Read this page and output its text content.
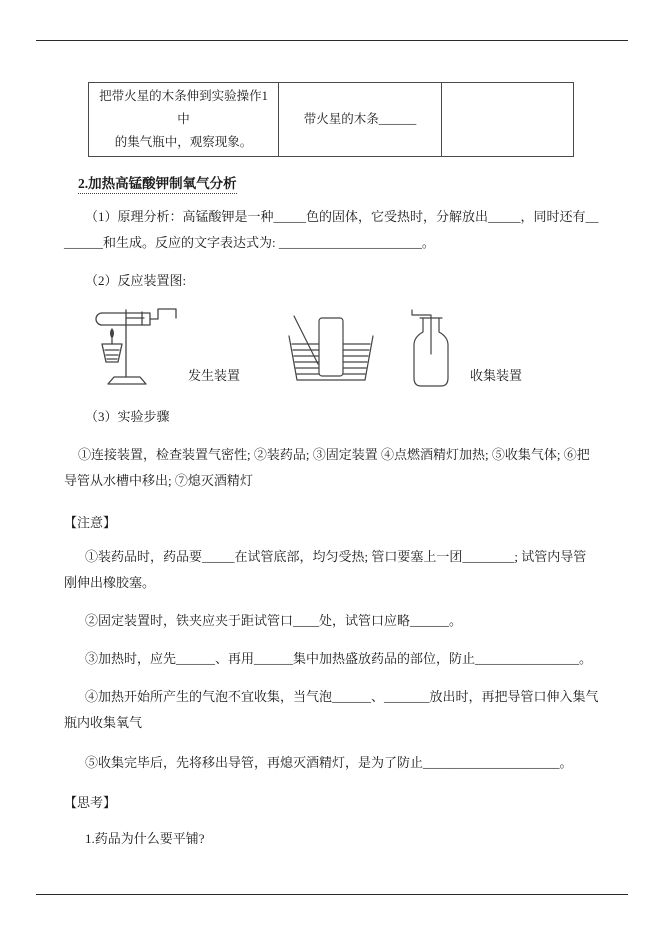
把带火星的木条伸到实验操作1中
的集气瓶中，观察现象。
	带火星的木条______	
2.加热高锰酸钾制氧气分析

（1）原理分析：高锰酸钾是一种_____色的固体，它受热时，分解放出_____，同时还有________和生成。反应的文字表达式为: ______________________。

（2）反应装置图:

发生装置	收集装置

（3）实验步骤

①连接装置，检查装置气密性; ②装药品; ③固定装置 ④点燃酒精灯加热; ⑤收集气体; ⑥把导管从水槽中移出; ⑦熄灭酒精灯

【注意】

①装药品时，药品要_____在试管底部，均匀受热; 管口要塞上一团________; 试管内导管刚伸出橡胶塞。

②固定装置时，铁夹应夹于距试管口____处，试管口应略______。

③加热时，应先______、再用______集中加热盛放药品的部位，防止________________。

④加热开始所产生的气泡不宜收集，当气泡______、_______放出时，再把导管口伸入集气瓶内收集氧气

⑤收集完毕后，先将移出导管，再熄灭酒精灯，是为了防止_____________________。

【思考】

1.药品为什么要平铺?
